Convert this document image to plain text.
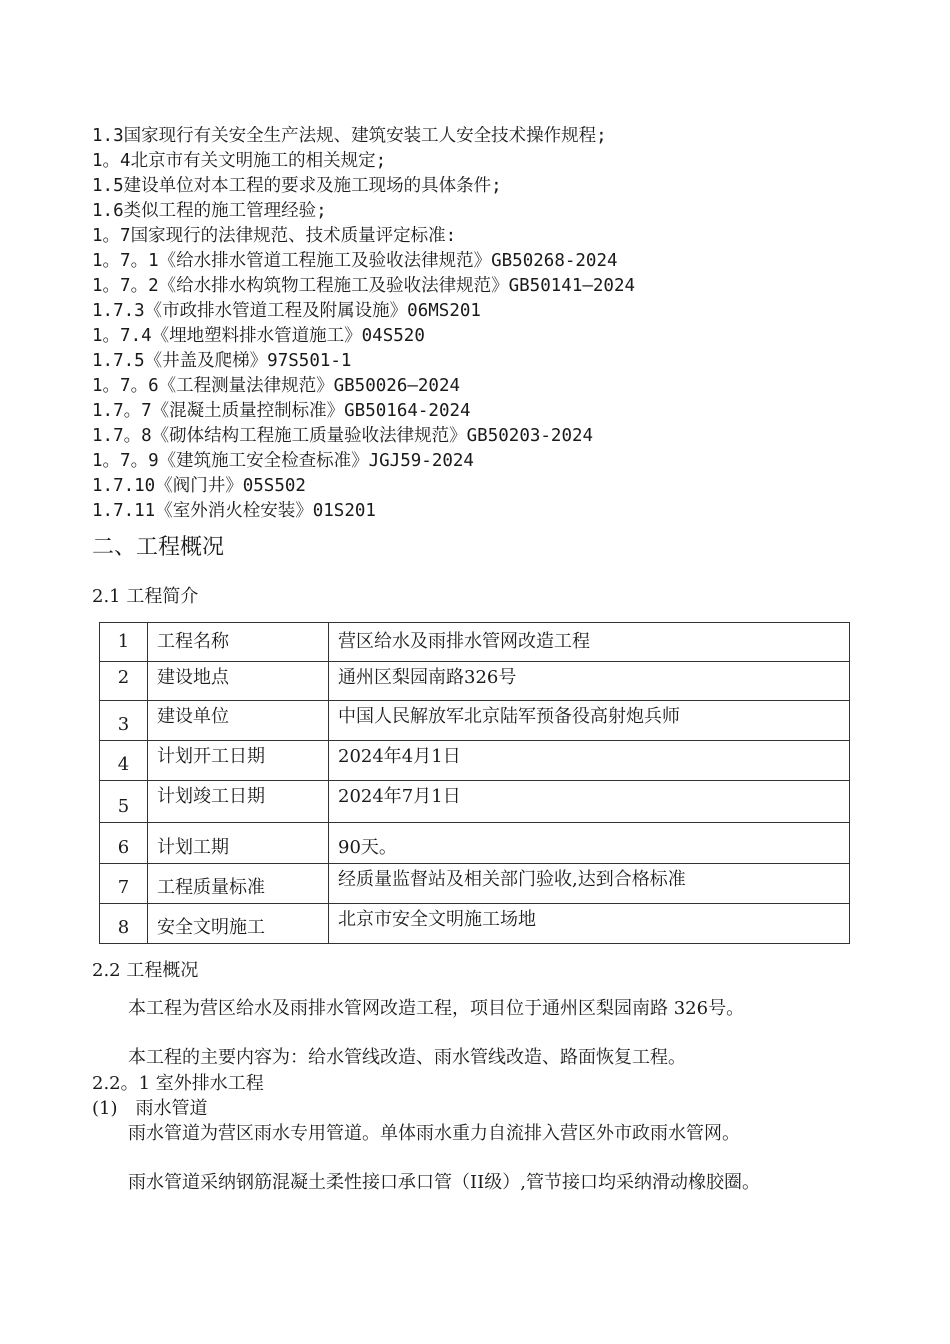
1.3国家现行有关安全生产法规、建筑安装工人安全技术操作规程;
1。4北京市有关文明施工的相关规定;
1.5建设单位对本工程的要求及施工现场的具体条件;
1.6类似工程的施工管理经验;
1。7国家现行的法律规范、技术质量评定标准:
1。7。1《给水排水管道工程施工及验收法律规范》GB50268-2024
1。7。2《给水排水构筑物工程施工及验收法律规范》GB50141—2024
1.7.3《市政排水管道工程及附属设施》06MS201
1。7.4《埋地塑料排水管道施工》04S520
1.7.5《井盖及爬梯》97S501-1
1。7。6《工程测量法律规范》GB50026—2024
1.7。7《混凝土质量控制标准》GB50164-2024
1.7。8《砌体结构工程施工质量验收法律规范》GB50203-2024
1。7。9《建筑施工安全检查标准》JGJ59-2024
1.7.10《阀门井》05S502
1.7.11《室外消火栓安装》01S201
二、工程概况
2.1 工程简介
1	工程名称	营区给水及雨排水管网改造工程
2	建设地点	通州区梨园南路326号
3	建设单位	中国人民解放军北京陆军预备役高射炮兵师
4	计划开工日期	2024年4月1日
5	计划竣工日期	2024年7月1日
6	计划工期	90天。
7	工程质量标准	经质量监督站及相关部门验收,达到合格标准
8	安全文明施工	北京市安全文明施工场地
2.2 工程概况

本工程为营区给水及雨排水管网改造工程，项目位于通州区梨园南路 326号。

本工程的主要内容为：给水管线改造、雨水管线改造、路面恢复工程。

2.2。1 室外排水工程

(1) 雨水管道

雨水管道为营区雨水专用管道。单体雨水重力自流排入营区外市政雨水管网。

雨水管道采纳钢筋混凝土柔性接口承口管（II级）,管节接口均采纳滑动橡胶圈。
